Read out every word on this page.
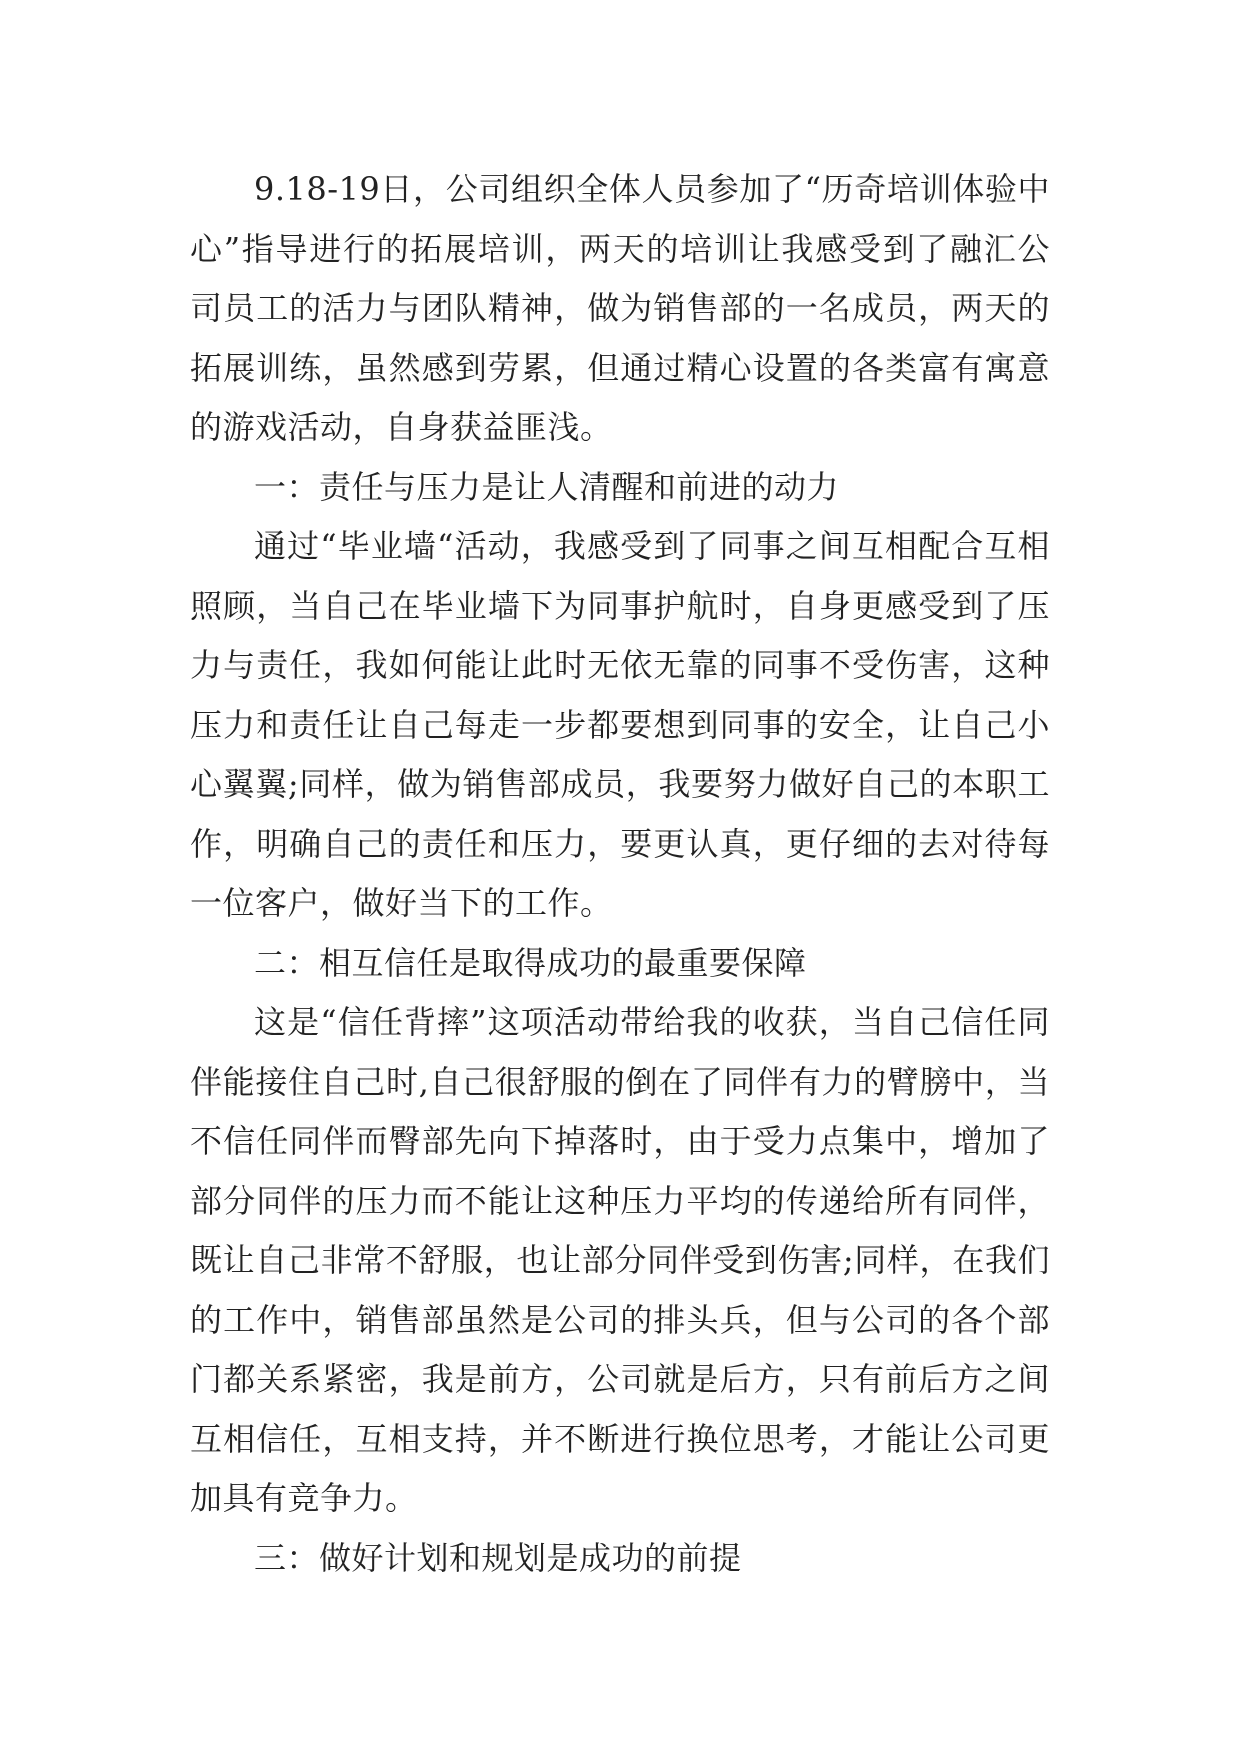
9.18-19日，公司组织全体人员参加了“历奇培训体验中心”指导进行的拓展培训，两天的培训让我感受到了融汇公司员工的活力与团队精神，做为销售部的一名成员，两天的拓展训练，虽然感到劳累，但通过精心设置的各类富有寓意的游戏活动，自身获益匪浅。

一：责任与压力是让人清醒和前进的动力

通过“毕业墙“活动，我感受到了同事之间互相配合互相照顾，当自己在毕业墙下为同事护航时，自身更感受到了压力与责任，我如何能让此时无依无靠的同事不受伤害，这种压力和责任让自己每走一步都要想到同事的安全，让自己小心翼翼;同样，做为销售部成员，我要努力做好自己的本职工作，明确自己的责任和压力，要更认真，更仔细的去对待每一位客户，做好当下的工作。

二：相互信任是取得成功的最重要保障

这是“信任背摔”这项活动带给我的收获，当自己信任同伴能接住自己时,自己很舒服的倒在了同伴有力的臂膀中，当不信任同伴而臀部先向下掉落时，由于受力点集中，增加了部分同伴的压力而不能让这种压力平均的传递给所有同伴，既让自己非常不舒服，也让部分同伴受到伤害;同样，在我们的工作中，销售部虽然是公司的排头兵，但与公司的各个部门都关系紧密，我是前方，公司就是后方，只有前后方之间互相信任，互相支持，并不断进行换位思考，才能让公司更加具有竞争力。

三：做好计划和规划是成功的前提
